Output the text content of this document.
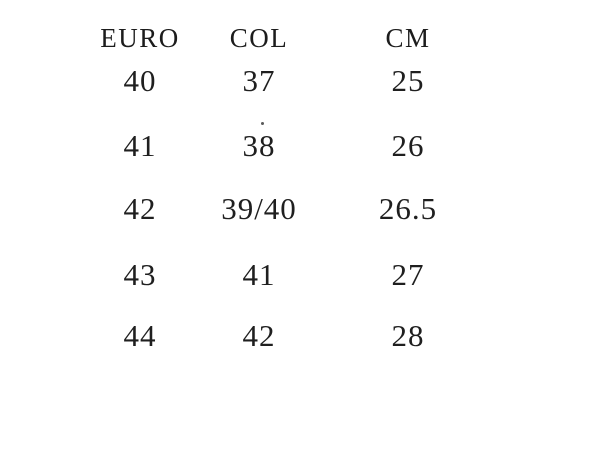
EURO	COL	CM
40	37	25
41	38	26
42	39/40	26.5
43	41	27
44	42	28
